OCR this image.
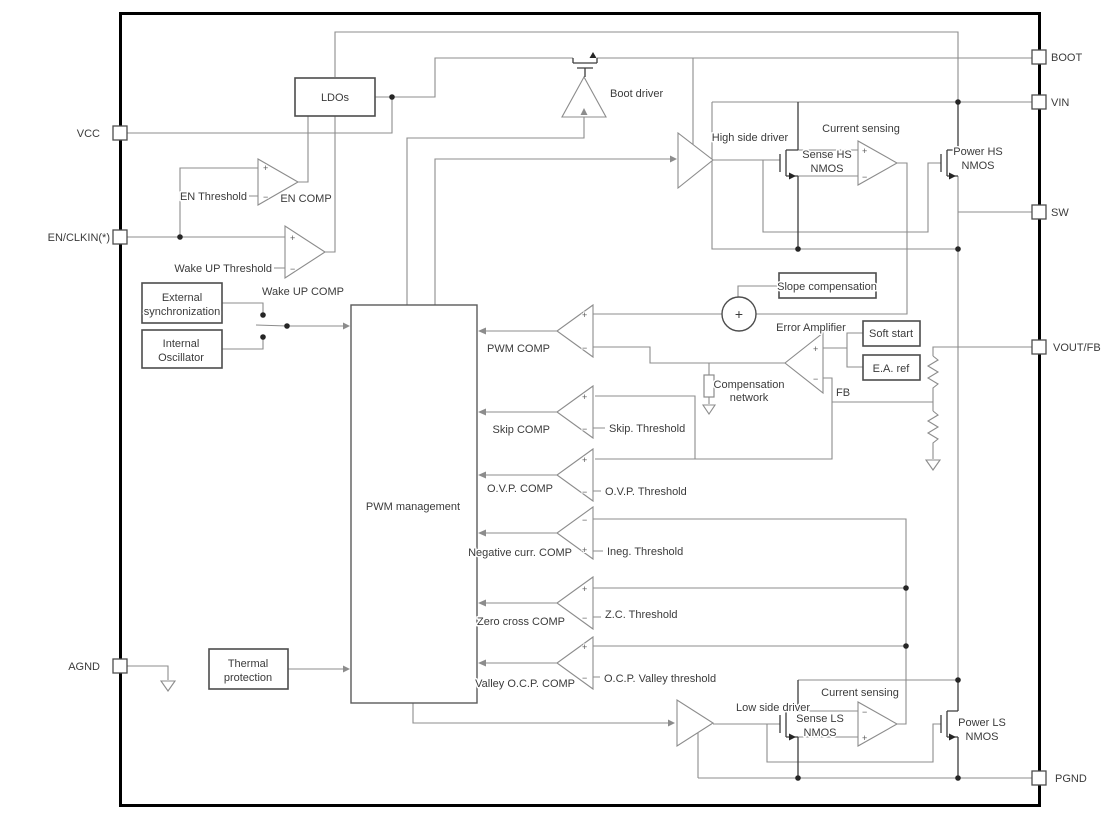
+
VCC
EN/CLKIN(*)
AGND
BOOT
VIN
SW
VOUT/FB
PGND
LDOs
External
synchronization
Internal
Oscillator
PWM management
Thermal
protection
Slope compensation
Soft start
E.A. ref
Compensation
network
Boot driver
High side driver
Low side driver
Current sensing
Current sensing
Error Amplifier
Sense HS
NMOS
Power HS
NMOS
Sense LS
NMOS
Power LS
NMOS
EN Threshold	EN COMP
Wake UP Threshold
Wake UP COMP
PWM COMP
Skip COMP	Skip. Threshold
O.V.P. COMP	O.V.P. Threshold
Negative curr. COMP	Ineg. Threshold
Zero cross COMP
Z.C. Threshold
Valley O.C.P. COMP	O.C.P. Valley threshold
FB
+
−
+
−
+
−
+
−
+
−
−
+
+
−
+
−
+
−
+
−
−
+
